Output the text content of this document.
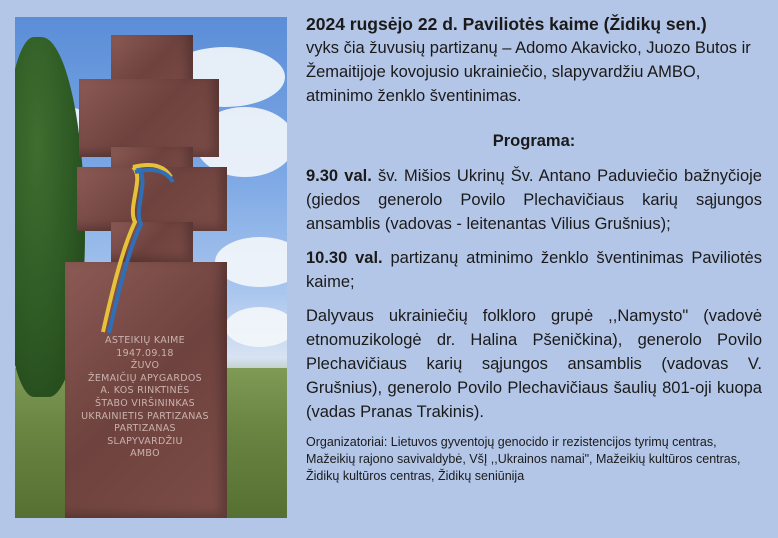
ASTEIKIŲ KAIME
1947.09.18
ŽUVO
ŽEMAIČIŲ APYGARDOS
A. KOS RINKTINĖS
ŠTABO VIRŠININKAS
UKRAINIETIS PARTIZANAS
PARTIZANAS
SLAPYVARDŽIU
AMBO

2024 rugsėjo 22 d. Paviliotės kaime (Židikų sen.)

vyks čia žuvusių partizanų – Adomo Akavicko, Juozo Butos ir Žemaitijoje kovojusio ukrainiečio, slapyvardžiu AMBO, atminimo ženklo šventinimas.

Programa:

9.30 val. šv. Mišios Ukrinų Šv. Antano Paduviečio bažnyčioje (giedos generolo Povilo Plechavičiaus karių sąjungos ansamblis (vadovas - leitenantas Vilius Grušnius);

10.30 val. partizanų atminimo ženklo šventinimas Paviliotės kaime;

Dalyvaus ukrainiečių folkloro grupė ,,Namysto" (vadovė etnomuzikologė dr. Halina Pšeničkina), generolo Povilo Plechavičiaus karių sąjungos ansamblis (vadovas V. Grušnius), generolo Povilo Plechavičiaus šaulių 801-oji kuopa (vadas Pranas Trakinis).

Organizatoriai: Lietuvos gyventojų genocido ir rezistencijos tyrimų centras, Mažeikių rajono savivaldybė, VšĮ ,,Ukrainos namai", Mažeikių kultūros centras, Židikų kultūros centras, Židikų seniūnija
